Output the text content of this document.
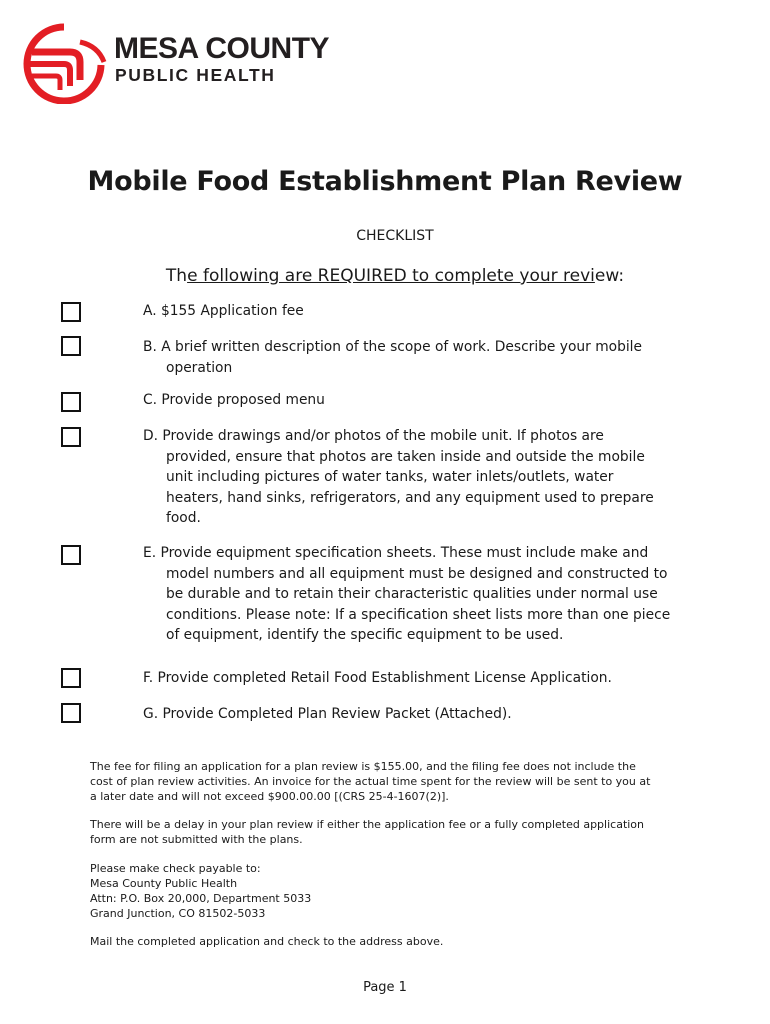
MESA COUNTY
PUBLIC HEALTH
Mobile Food Establishment Plan Review
CHECKLIST
The following are REQUIRED to complete your review:
A. $155 Application fee
B. A brief written description of the scope of work. Describe your mobile
operation
C. Provide proposed menu
D. Provide drawings and/or photos of the mobile unit. If photos are
provided, ensure that photos are taken inside and outside the mobile
unit including pictures of water tanks, water inlets/outlets, water
heaters, hand sinks, refrigerators, and any equipment used to prepare
food.
E. Provide equipment specification sheets. These must include make and
model numbers and all equipment must be designed and constructed to
be durable and to retain their characteristic qualities under normal use
conditions. Please note: If a specification sheet lists more than one piece
of equipment, identify the specific equipment to be used.
F. Provide completed Retail Food Establishment License Application.
G. Provide Completed Plan Review Packet (Attached).
The fee for filing an application for a plan review is $155.00, and the filing fee does not include the
cost of plan review activities. An invoice for the actual time spent for the review will be sent to you at
a later date and will not exceed $900.00.00 [(CRS 25-4-1607(2)].
There will be a delay in your plan review if either the application fee or a fully completed application
form are not submitted with the plans.
Please make check payable to:
Mesa County Public Health
Attn: P.O. Box 20,000, Department 5033
Grand Junction, CO 81502-5033
Mail the completed application and check to the address above.
Page 1
